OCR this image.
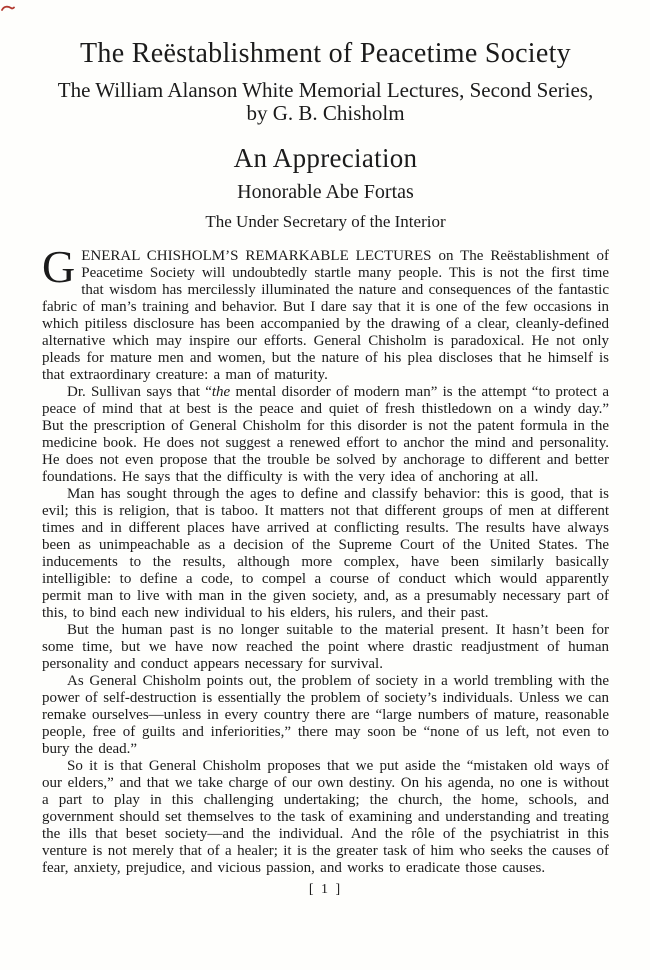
The Reëstablishment of Peacetime Society

The William Alanson White Memorial Lectures, Second Series,
by G. B. Chisholm

An Appreciation
Honorable Abe Fortas
The Under Secretary of the Interior

GENERAL CHISHOLM’S REMARKABLE LECTURES on The Reëstablishment of Peacetime Society will undoubtedly startle many people. This is not the first time that wisdom has mercilessly illuminated the nature and consequences of the fantastic fabric of man’s training and behavior. But I dare say that it is one of the few occasions in which pitiless disclosure has been accompanied by the drawing of a clear, cleanly-defined alternative which may inspire our efforts. General Chisholm is paradoxical. He not only pleads for mature men and women, but the nature of his plea discloses that he himself is that extraordinary creature: a man of maturity.

Dr. Sullivan says that “the mental disorder of modern man” is the attempt “to protect a peace of mind that at best is the peace and quiet of fresh thistledown on a windy day.” But the prescription of General Chisholm for this disorder is not the patent formula in the medicine book. He does not suggest a renewed effort to anchor the mind and personality. He does not even propose that the trouble be solved by anchorage to different and better foundations. He says that the difficulty is with the very idea of anchoring at all.

Man has sought through the ages to define and classify behavior: this is good, that is evil; this is religion, that is taboo. It matters not that different groups of men at different times and in different places have arrived at conflicting results. The results have always been as unimpeachable as a decision of the Supreme Court of the United States. The inducements to the results, although more complex, have been similarly basically intelligible: to define a code, to compel a course of conduct which would apparently permit man to live with man in the given society, and, as a presumably necessary part of this, to bind each new individual to his elders, his rulers, and their past.

But the human past is no longer suitable to the material present. It hasn’t been for some time, but we have now reached the point where drastic readjustment of human personality and conduct appears necessary for survival.

As General Chisholm points out, the problem of society in a world trembling with the power of self-destruction is essentially the problem of society’s individuals. Unless we can remake ourselves—unless in every country there are “large numbers of mature, reasonable people, free of guilts and inferiorities,” there may soon be “none of us left, not even to bury the dead.”

So it is that General Chisholm proposes that we put aside the “mistaken old ways of our elders,” and that we take charge of our own destiny. On his agenda, no one is without a part to play in this challenging undertaking; the church, the home, schools, and government should set themselves to the task of examining and understanding and treating the ills that beset society—and the individual. And the rôle of the psychiatrist in this venture is not merely that of a healer; it is the greater task of him who seeks the causes of fear, anxiety, prejudice, and vicious passion, and works to eradicate those causes.

[ 1 ]
